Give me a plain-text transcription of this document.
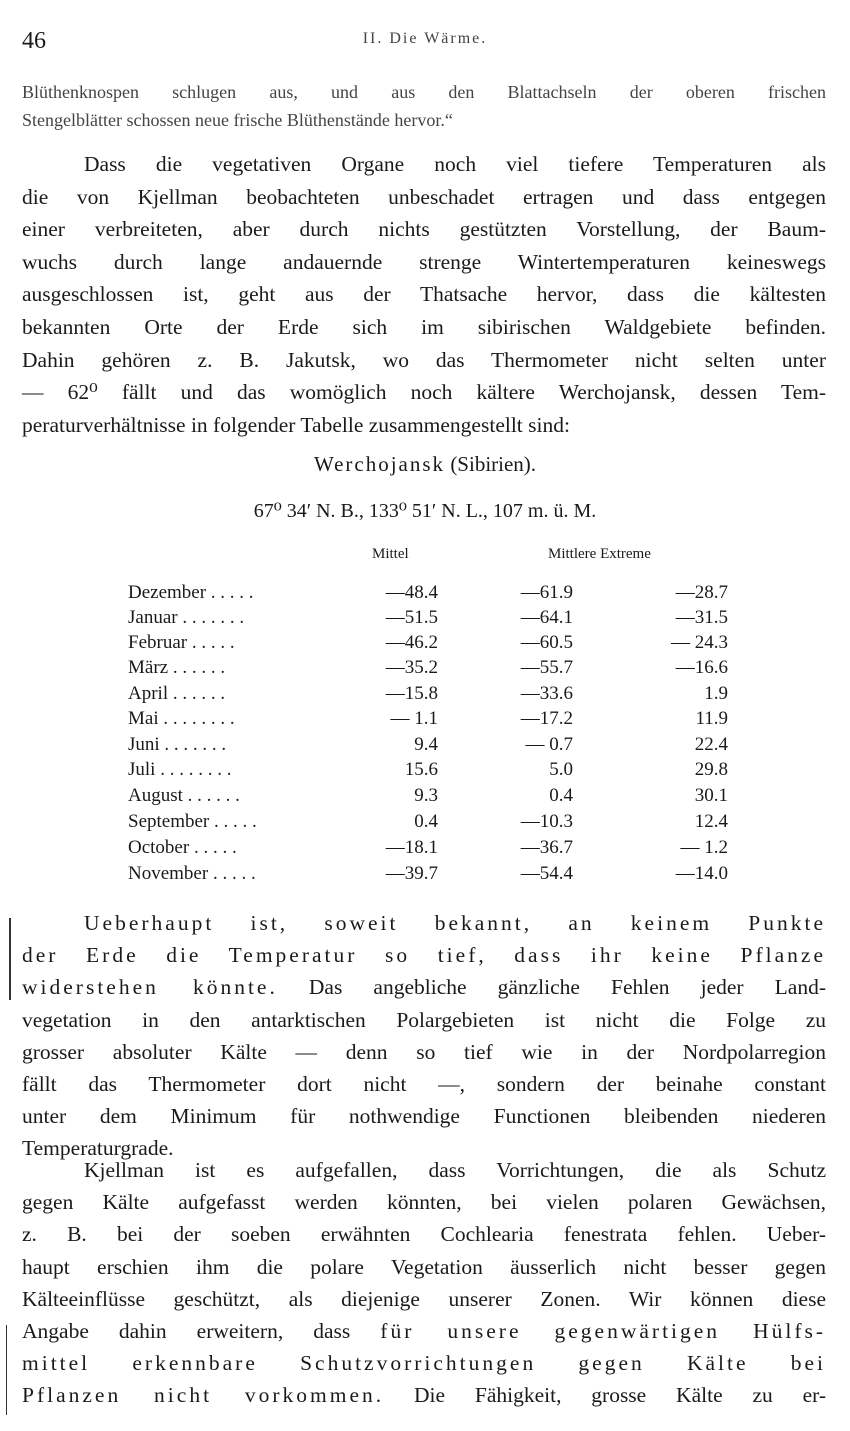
46	II. Die Wärme.
Blüthenknospen schlugen aus, und aus den Blattachseln der oberen frischen
Stengelblätter schossen neue frische Blüthenstände hervor.“
Dass die vegetativen Organe noch viel tiefere Temperaturen als
die von Kjellman beobachteten unbeschadet ertragen und dass entgegen
einer verbreiteten, aber durch nichts gestützten Vorstellung, der Baum-
wuchs durch lange andauernde strenge Wintertemperaturen keineswegs
ausgeschlossen ist, geht aus der Thatsache hervor, dass die kältesten
bekannten Orte der Erde sich im sibirischen Waldgebiete befinden.
Dahin gehören z. B. Jakutsk, wo das Thermometer nicht selten unter
— 62⁰ fällt und das womöglich noch kältere Werchojansk, dessen Tem-
peraturverhältnisse in folgender Tabelle zusammengestellt sind:
Werchojansk (Sibirien).
67⁰ 34′ N. B., 133⁰ 51′ N. L., 107 m. ü. M.
Mittel	Mittlere Extreme
Dezember . . . . .	—48.4	—61.9	—28.7
Januar . . . . . . .	—51.5	—64.1	—31.5
Februar . . . . .	—46.2	—60.5	— 24.3
März . . . . . .	—35.2	—55.7	—16.6
April . . . . . .	—15.8	—33.6	1.9
Mai . . . . . . . .	— 1.1	—17.2	11.9
Juni . . . . . . .	9.4	— 0.7	22.4
Juli . . . . . . . .	15.6	5.0	29.8
August . . . . . .	9.3	0.4	30.1
September . . . . .	0.4	—10.3	12.4
October . . . . .	—18.1	—36.7	— 1.2
November . . . . .	—39.7	—54.4	—14.0
Ueberhaupt ist, soweit bekannt, an keinem Punkte
der Erde die Temperatur so tief, dass ihr keine Pflanze
widerstehen könnte. Das angebliche gänzliche Fehlen jeder Land-
vegetation in den antarktischen Polargebieten ist nicht die Folge zu
grosser absoluter Kälte — denn so tief wie in der Nordpolarregion
fällt das Thermometer dort nicht —, sondern der beinahe constant
unter dem Minimum für nothwendige Functionen bleibenden niederen
Temperaturgrade.
Kjellman ist es aufgefallen, dass Vorrichtungen, die als Schutz
gegen Kälte aufgefasst werden könnten, bei vielen polaren Gewächsen,
z. B. bei der soeben erwähnten Cochlearia fenestrata fehlen. Ueber-
haupt erschien ihm die polare Vegetation äusserlich nicht besser gegen
Kälteeinflüsse geschützt, als diejenige unserer Zonen. Wir können diese
Angabe dahin erweitern, dass für unsere gegenwärtigen Hülfs-
mittel erkennbare Schutzvorrichtungen gegen Kälte bei
Pflanzen nicht vorkommen. Die Fähigkeit, grosse Kälte zu er-
